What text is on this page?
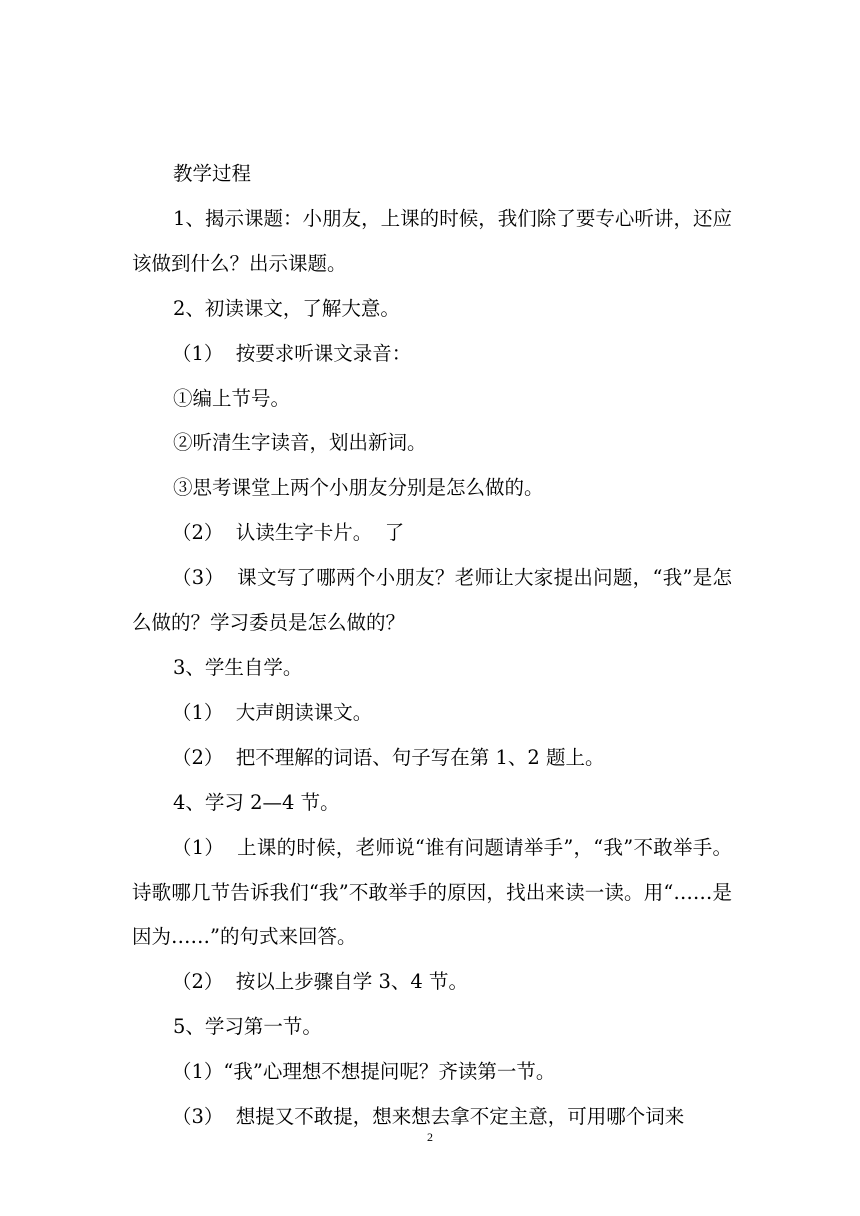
教学过程

1、揭示课题：小朋友，上课的时候，我们除了要专心听讲，还应该做到什么？出示课题。

2、初读课文，了解大意。

（1）  按要求听课文录音：

①编上节号。

②听清生字读音，划出新词。

③思考课堂上两个小朋友分别是怎么做的。

（2）  认读生字卡片。  了

（3）  课文写了哪两个小朋友？老师让大家提出问题，“我”是怎么做的？学习委员是怎么做的？

3、学生自学。

（1）  大声朗读课文。

（2）  把不理解的词语、句子写在第 1、2 题上。

4、学习 2—4 节。

（1）  上课的时候，老师说“谁有问题请举手”，“我”不敢举手。诗歌哪几节告诉我们“我”不敢举手的原因，找出来读一读。用“……是因为……”的句式来回答。

（2）  按以上步骤自学 3、4 节。

5、学习第一节。

（1）“我”心理想不想提问呢？齐读第一节。

（3）  想提又不敢提，想来想去拿不定主意，可用哪个词来

2
